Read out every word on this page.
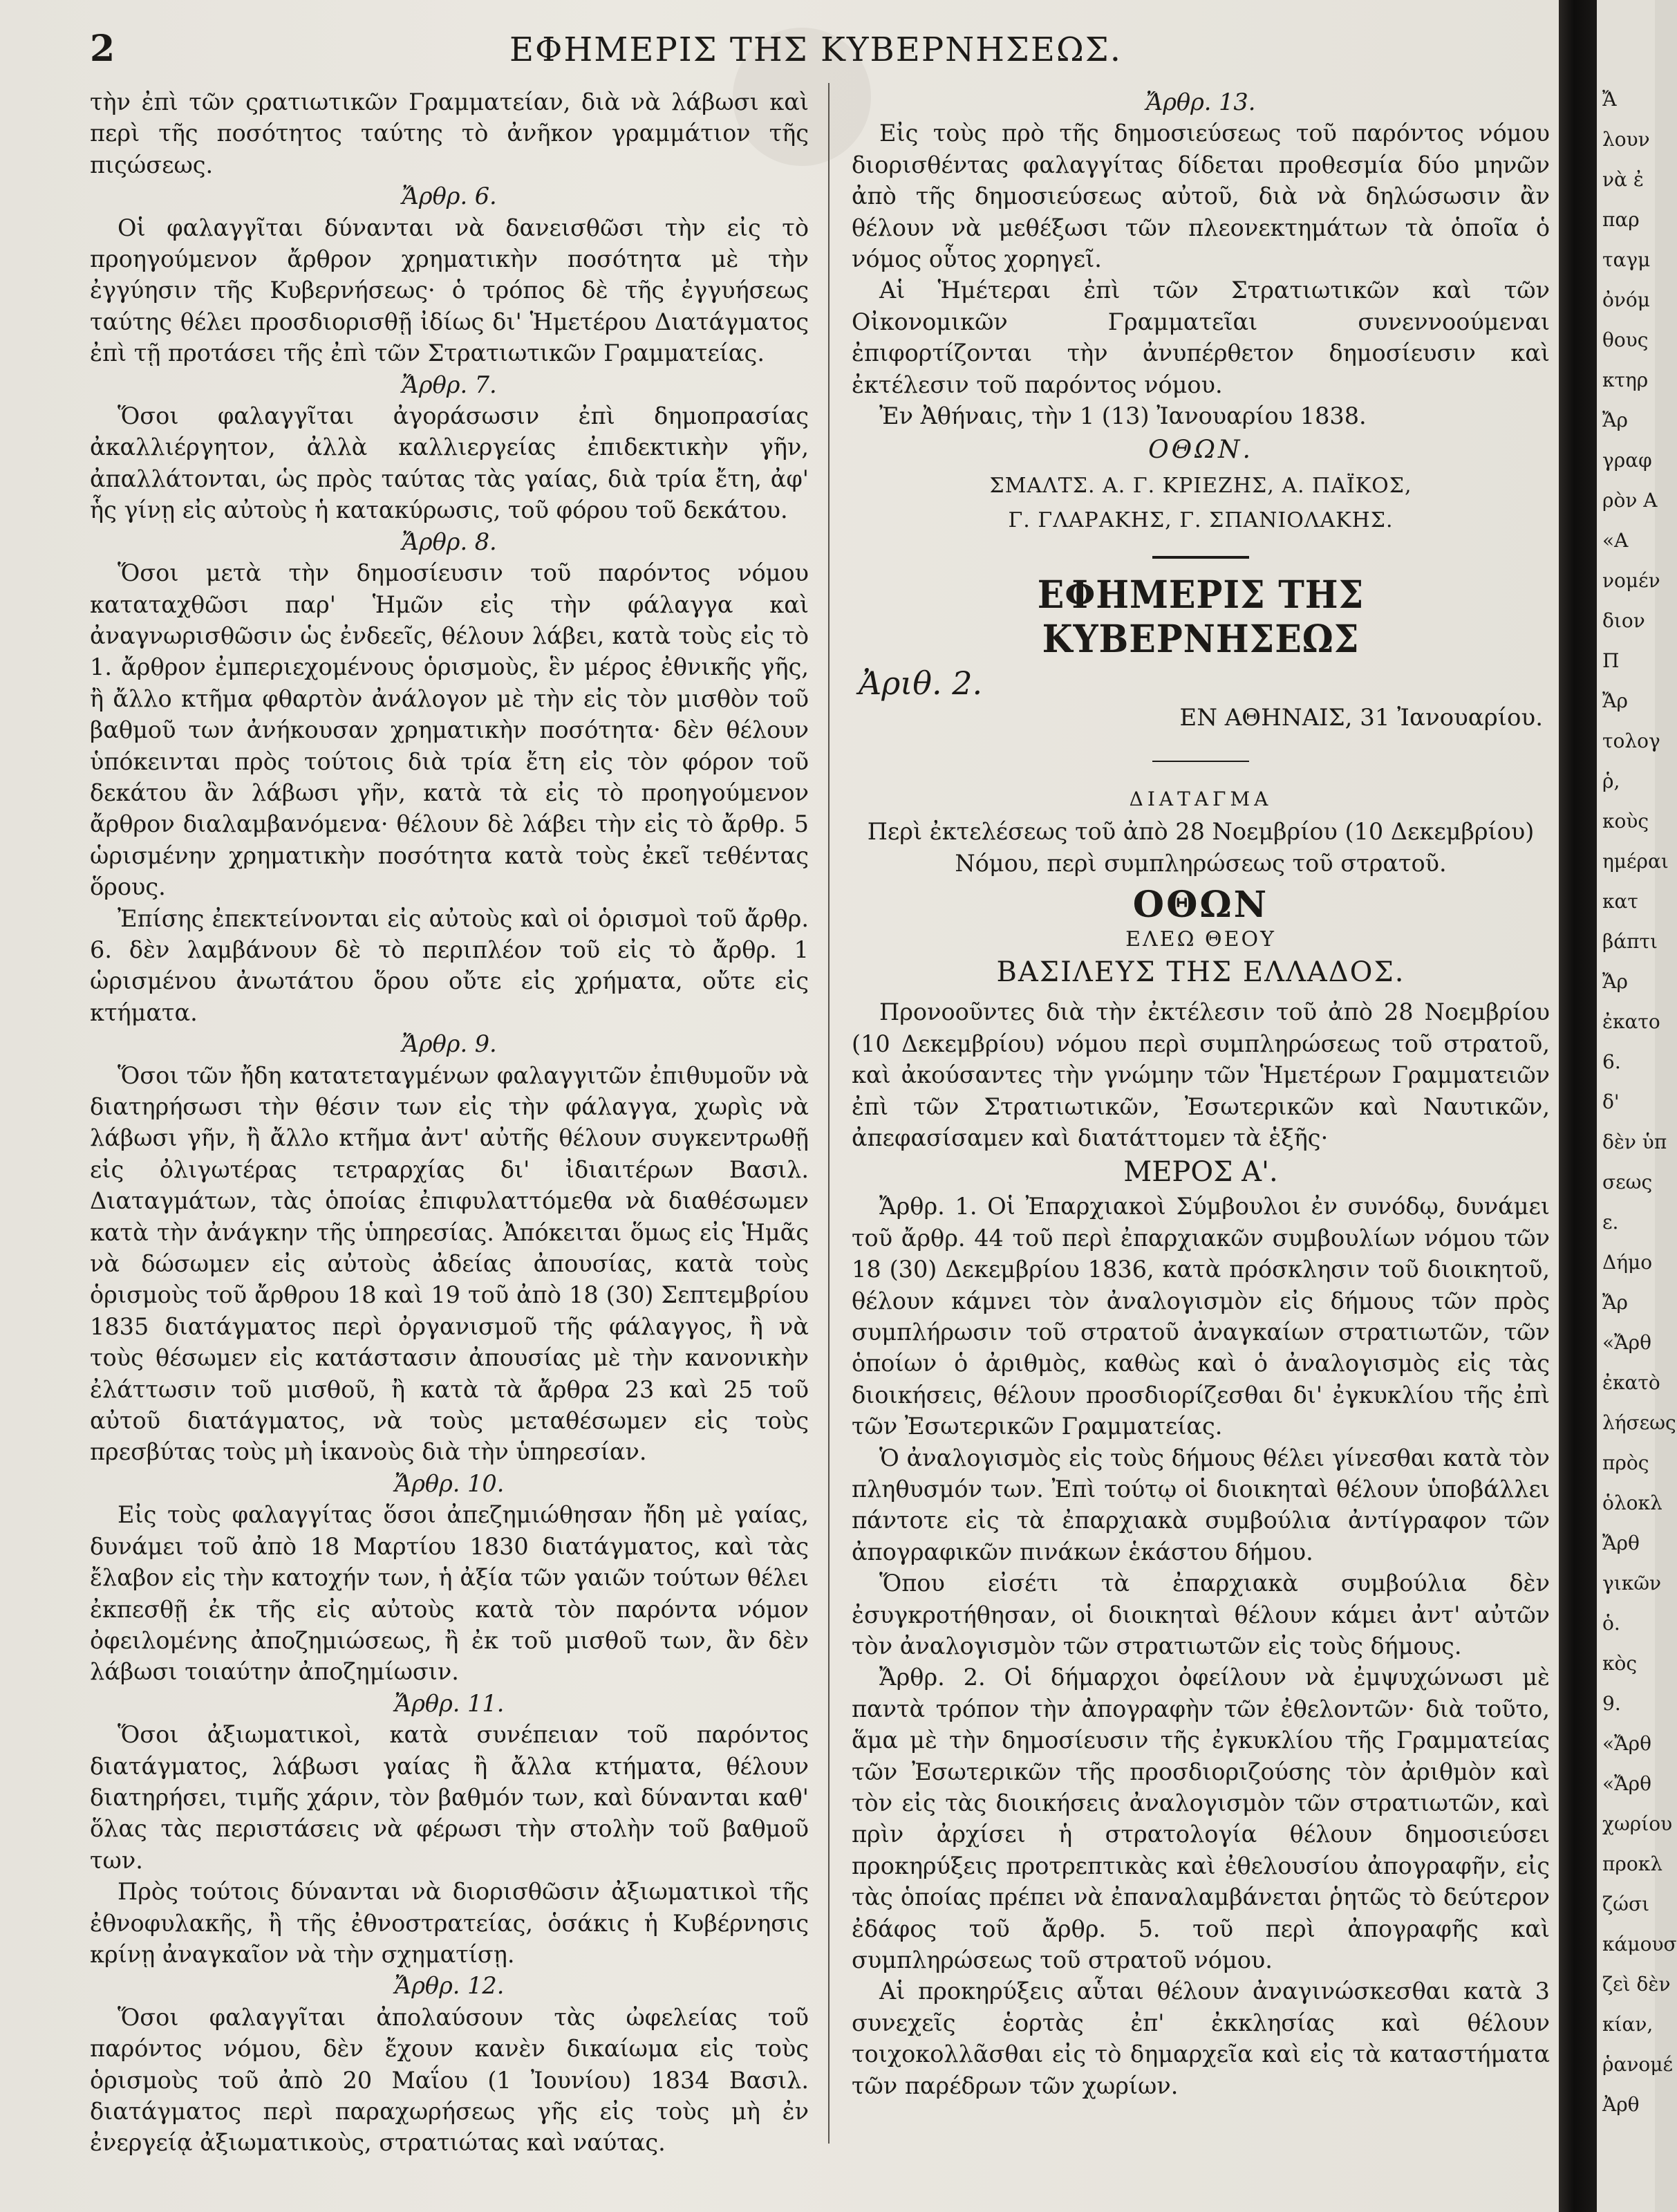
2	ΕΦΗΜΕΡΙΣ ΤΗΣ ΚΥΒΕΡΝΗΣΕΩΣ.

τὴν ἐπὶ τῶν ςρατιωτικῶν Γραμματείαν, διὰ νὰ λάβωσι καὶ περὶ τῆς ποσότητος ταύτης τὸ ἀνῆκον γραμμάτιον τῆς πιςώσεως.

Ἄρθρ. 6.

Οἱ φαλαγγῖται δύνανται νὰ δανεισθῶσι τὴν εἰς τὸ προηγούμενον ἄρθρον χρηματικὴν ποσότητα μὲ τὴν ἐγγύησιν τῆς Κυβερνήσεως· ὁ τρόπος δὲ τῆς ἐγγυήσεως ταύτης θέλει προσδιορισθῇ ἰδίως δι' Ἡμετέρου Διατάγματος ἐπὶ τῇ προτάσει τῆς ἐπὶ τῶν Στρατιωτικῶν Γραμματείας.

Ἄρθρ. 7.

Ὅσοι φαλαγγῖται ἀγοράσωσιν ἐπὶ δημοπρασίας ἀκαλλιέργητον, ἀλλὰ καλλιεργείας ἐπιδεκτικὴν γῆν, ἀπαλλάτονται, ὡς πρὸς ταύτας τὰς γαίας, διὰ τρία ἔτη, ἀφ' ἧς γίνῃ εἰς αὐτοὺς ἡ κατακύρωσις, τοῦ φόρου τοῦ δεκάτου.

Ἄρθρ. 8.

Ὅσοι μετὰ τὴν δημοσίευσιν τοῦ παρόντος νόμου καταταχθῶσι παρ' Ἡμῶν εἰς τὴν φάλαγγα καὶ ἀναγνωρισθῶσιν ὡς ἐνδεεῖς, θέλουν λάβει, κατὰ τοὺς εἰς τὸ 1. ἄρθρον ἐμπεριεχομένους ὁρισμοὺς, ἓν μέρος ἐθνικῆς γῆς, ἢ ἄλλο κτῆμα φθαρτὸν ἀνάλογον μὲ τὴν εἰς τὸν μισθὸν τοῦ βαθμοῦ των ἀνήκουσαν χρηματικὴν ποσότητα· δὲν θέλουν ὑπόκεινται πρὸς τούτοις διὰ τρία ἔτη εἰς τὸν φόρον τοῦ δεκάτου ἂν λάβωσι γῆν, κατὰ τὰ εἰς τὸ προηγούμενον ἄρθρον διαλαμβανόμενα· θέλουν δὲ λάβει τὴν εἰς τὸ ἄρθρ. 5 ὡρισμένην χρηματικὴν ποσότητα κατὰ τοὺς ἐκεῖ τεθέντας ὅρους.

Ἐπίσης ἐπεκτείνονται εἰς αὐτοὺς καὶ οἱ ὁρισμοὶ τοῦ ἄρθρ. 6. δὲν λαμβάνουν δὲ τὸ περιπλέον τοῦ εἰς τὸ ἄρθρ. 1 ὡρισμένου ἀνωτάτου ὅρου οὔτε εἰς χρήματα, οὔτε εἰς κτήματα.

Ἄρθρ. 9.

Ὅσοι τῶν ἤδη κατατεταγμένων φαλαγγιτῶν ἐπιθυμοῦν νὰ διατηρήσωσι τὴν θέσιν των εἰς τὴν φάλαγγα, χωρὶς νὰ λάβωσι γῆν, ἢ ἄλλο κτῆμα ἀντ' αὐτῆς θέλουν συγκεντρωθῇ εἰς ὀλιγωτέρας τετραρχίας δι' ἰδιαιτέρων Βασιλ. Διαταγμάτων, τὰς ὁποίας ἐπιφυλαττόμεθα νὰ διαθέσωμεν κατὰ τὴν ἀνάγκην τῆς ὑπηρεσίας. Ἀπόκειται ὅμως εἰς Ἡμᾶς νὰ δώσωμεν εἰς αὐτοὺς ἀδείας ἀπουσίας, κατὰ τοὺς ὁρισμοὺς τοῦ ἄρθρου 18 καὶ 19 τοῦ ἀπὸ 18 (30) Σεπτεμβρίου 1835 διατάγματος περὶ ὀργανισμοῦ τῆς φάλαγγος, ἢ νὰ τοὺς θέσωμεν εἰς κατάστασιν ἀπουσίας μὲ τὴν κανονικὴν ἐλάττωσιν τοῦ μισθοῦ, ἢ κατὰ τὰ ἄρθρα 23 καὶ 25 τοῦ αὐτοῦ διατάγματος, νὰ τοὺς μεταθέσωμεν εἰς τοὺς πρεσβύτας τοὺς μὴ ἱκανοὺς διὰ τὴν ὑπηρεσίαν.

Ἄρθρ. 10.

Εἰς τοὺς φαλαγγίτας ὅσοι ἀπεζημιώθησαν ἤδη μὲ γαίας, δυνάμει τοῦ ἀπὸ 18 Μαρτίου 1830 διατάγματος, καὶ τὰς ἔλαβον εἰς τὴν κατοχήν των, ἡ ἀξία τῶν γαιῶν τούτων θέλει ἐκπεσθῇ ἐκ τῆς εἰς αὐτοὺς κατὰ τὸν παρόντα νόμον ὀφειλομένης ἀποζημιώσεως, ἢ ἐκ τοῦ μισθοῦ των, ἂν δὲν λάβωσι τοιαύτην ἀποζημίωσιν.

Ἄρθρ. 11.

Ὅσοι ἀξιωματικοὶ, κατὰ συνέπειαν τοῦ παρόντος διατάγματος, λάβωσι γαίας ἢ ἄλλα κτήματα, θέλουν διατηρήσει, τιμῆς χάριν, τὸν βαθμόν των, καὶ δύνανται καθ' ὅλας τὰς περιστάσεις νὰ φέρωσι τὴν στολὴν τοῦ βαθμοῦ των.

Πρὸς τούτοις δύνανται νὰ διορισθῶσιν ἀξιωματικοὶ τῆς ἐθνοφυλακῆς, ἢ τῆς ἐθνοστρατείας, ὁσάκις ἡ Κυβέρνησις κρίνῃ ἀναγκαῖον νὰ τὴν σχηματίσῃ.

Ἄρθρ. 12.

Ὅσοι φαλαγγῖται ἀπολαύσουν τὰς ὠφελείας τοῦ παρόντος νόμου, δὲν ἔχουν κανὲν δικαίωμα εἰς τοὺς ὁρισμοὺς τοῦ ἀπὸ 20 Μαΐου (1 Ἰουνίου) 1834 Βασιλ. διατάγματος περὶ παραχωρήσεως γῆς εἰς τοὺς μὴ ἐν ἐνεργείᾳ ἀξιωματικοὺς, στρατιώτας καὶ ναύτας.

Ἄρθρ. 13.

Εἰς τοὺς πρὸ τῆς δημοσιεύσεως τοῦ παρόντος νόμου διορισθέντας φαλαγγίτας δίδεται προθεσμία δύο μηνῶν ἀπὸ τῆς δημοσιεύσεως αὐτοῦ, διὰ νὰ δηλώσωσιν ἂν θέλουν νὰ μεθέξωσι τῶν πλεονεκτημάτων τὰ ὁποῖα ὁ νόμος οὗτος χορηγεῖ.

Αἱ Ἡμέτεραι ἐπὶ τῶν Στρατιωτικῶν καὶ τῶν Οἰκονομικῶν Γραμματεῖαι συνεννοούμεναι ἐπιφορτίζονται τὴν ἀνυπέρθετον δημοσίευσιν καὶ ἐκτέλεσιν τοῦ παρόντος νόμου.

Ἐν Ἀθήναις, τὴν 1 (13) Ἰανουαρίου 1838.

ΟΘΩΝ.

ΣΜΑΛΤΣ. Α. Γ. ΚΡΙΕΖΗΣ, Α. ΠΑΪΚΟΣ,

Γ. ΓΛΑΡΑΚΗΣ, Γ. ΣΠΑΝΙΟΛΑΚΗΣ.

ΕΦΗΜΕΡΙΣ ΤΗΣ ΚΥΒΕΡΝΗΣΕΩΣ

Ἀριθ. 2.

ΕΝ ΑΘΗΝΑΙΣ, 31 Ἰανουαρίου.

ΔΙΑΤΑΓΜΑ

Περὶ ἐκτελέσεως τοῦ ἀπὸ 28 Νοεμβρίου (10 Δεκεμβρίου)

Νόμου, περὶ συμπληρώσεως τοῦ στρατοῦ.

ΟΘΩΝ

ΕΛΕΩ ΘΕΟΥ

ΒΑΣΙΛΕΥΣ ΤΗΣ ΕΛΛΑΔΟΣ.

Προνοοῦντες διὰ τὴν ἐκτέλεσιν τοῦ ἀπὸ 28 Νοεμβρίου (10 Δεκεμβρίου) νόμου περὶ συμπληρώσεως τοῦ στρατοῦ, καὶ ἀκούσαντες τὴν γνώμην τῶν Ἡμετέρων Γραμματειῶν ἐπὶ τῶν Στρατιωτικῶν, Ἐσωτερικῶν καὶ Ναυτικῶν, ἀπεφασίσαμεν καὶ διατάττομεν τὰ ἑξῆς·

ΜΕΡΟΣ Α'.

Ἄρθρ. 1. Οἱ Ἐπαρχιακοὶ Σύμβουλοι ἐν συνόδῳ, δυνάμει τοῦ ἄρθρ. 44 τοῦ περὶ ἐπαρχιακῶν συμβουλίων νόμου τῶν 18 (30) Δεκεμβρίου 1836, κατὰ πρόσκλησιν τοῦ διοικητοῦ, θέλουν κάμνει τὸν ἀναλογισμὸν εἰς δήμους τῶν πρὸς συμπλήρωσιν τοῦ στρατοῦ ἀναγκαίων στρατιωτῶν, τῶν ὁποίων ὁ ἀριθμὸς, καθὼς καὶ ὁ ἀναλογισμὸς εἰς τὰς διοικήσεις, θέλουν προσδιορίζεσθαι δι' ἐγκυκλίου τῆς ἐπὶ τῶν Ἐσωτερικῶν Γραμματείας.

Ὁ ἀναλογισμὸς εἰς τοὺς δήμους θέλει γίνεσθαι κατὰ τὸν πληθυσμόν των. Ἐπὶ τούτῳ οἱ διοικηταὶ θέλουν ὑποβάλλει πάντοτε εἰς τὰ ἐπαρχιακὰ συμβούλια ἀντίγραφον τῶν ἀπογραφικῶν πινάκων ἑκάστου δήμου.

Ὅπου εἰσέτι τὰ ἐπαρχιακὰ συμβούλια δὲν ἐσυγκροτήθησαν, οἱ διοικηταὶ θέλουν κάμει ἀντ' αὐτῶν τὸν ἀναλογισμὸν τῶν στρατιωτῶν εἰς τοὺς δήμους.

Ἄρθρ. 2. Οἱ δήμαρχοι ὀφείλουν νὰ ἐμψυχώνωσι μὲ παντὰ τρόπον τὴν ἀπογραφὴν τῶν ἐθελοντῶν· διὰ τοῦτο, ἅμα μὲ τὴν δημοσίευσιν τῆς ἐγκυκλίου τῆς Γραμματείας τῶν Ἐσωτερικῶν τῆς προσδιοριζούσης τὸν ἀριθμὸν καὶ τὸν εἰς τὰς διοικήσεις ἀναλογισμὸν τῶν στρατιωτῶν, καὶ πρὶν ἀρχίσει ἡ στρατολογία θέλουν δημοσιεύσει προκηρύξεις προτρεπτικὰς καὶ ἐθελουσίου ἀπογραφῆν, εἰς τὰς ὁποίας πρέπει νὰ ἐπαναλαμβάνεται ῥητῶς τὸ δεύτερον ἐδάφος τοῦ ἄρθρ. 5. τοῦ περὶ ἀπογραφῆς καὶ συμπληρώσεως τοῦ στρατοῦ νόμου.

Αἱ προκηρύξεις αὗται θέλουν ἀναγινώσκεσθαι κατὰ 3 συνεχεῖς ἑορτὰς ἐπ' ἐκκλησίας καὶ θέλουν τοιχοκολλᾶσθαι εἰς τὸ δημαρχεῖα καὶ εἰς τὰ καταστήματα τῶν παρέδρων τῶν χωρίων.

Ἄ
λουν
νὰ ἐ
παρ
ταγμ
ὀνόμ
θους
κτηρ
Ἄρ
γραφ
ρὸν Α
«Α
νομέν
διον
Π
Ἄρ
τολογ
ῥ,
κοὺς
ημέραι
κατ
βάπτι
Ἄρ
ἐκατο
6.
δ'
δὲν ὑπ
σεως
ε.
Δήμο
Ἄρ
«Ἄρθ
ἐκατὸ
λήσεως
πρὸς
ὁλοκλ
Ἄρθ
γικῶν
ὁ.
κὸς
9.
«Ἄρθ
«Ἄρθ
χωρίου
προκλ
ζώσι
κάμουσ
ζεὶ δὲν
κίαν,
ῥανομέ
Ἀρθ
